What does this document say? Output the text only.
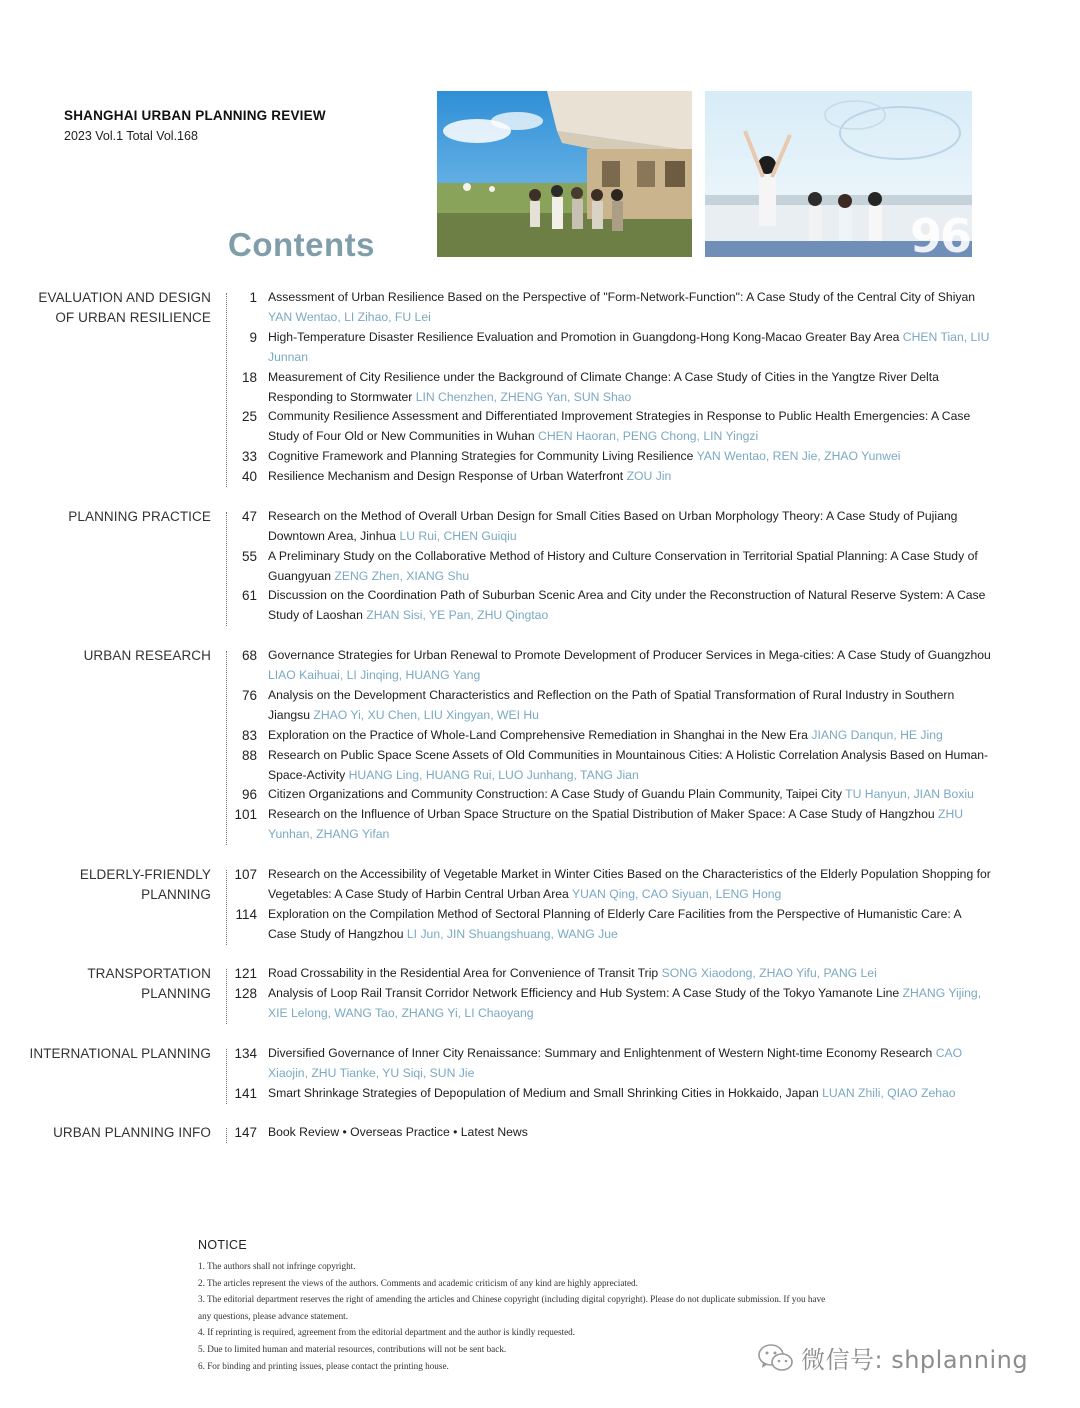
SHANGHAI URBAN PLANNING REVIEW
2023 Vol.1 Total Vol.168
96
Contents
EVALUATION AND DESIGN OF URBAN RESILIENCE
1 Assessment of Urban Resilience Based on the Perspective of "Form-Network-Function": A Case Study of the Central City of Shiyan YAN Wentao, LI Zihao, FU Lei
9 High-Temperature Disaster Resilience Evaluation and Promotion in Guangdong-Hong Kong-Macao Greater Bay Area CHEN Tian, LIU Junnan
18 Measurement of City Resilience under the Background of Climate Change: A Case Study of Cities in the Yangtze River Delta Responding to Stormwater LIN Chenzhen, ZHENG Yan, SUN Shao
25 Community Resilience Assessment and Differentiated Improvement Strategies in Response to Public Health Emergencies: A Case Study of Four Old or New Communities in Wuhan CHEN Haoran, PENG Chong, LIN Yingzi
33 Cognitive Framework and Planning Strategies for Community Living Resilience YAN Wentao, REN Jie, ZHAO Yunwei
40 Resilience Mechanism and Design Response of Urban Waterfront ZOU Jin
PLANNING PRACTICE	47 Research on the Method of Overall Urban Design for Small Cities Based on Urban Morphology Theory: A Case Study of Pujiang Downtown Area, Jinhua LU Rui, CHEN Guiqiu
55 A Preliminary Study on the Collaborative Method of History and Culture Conservation in Territorial Spatial Planning: A Case Study of Guangyuan ZENG Zhen, XIANG Shu
61 Discussion on the Coordination Path of Suburban Scenic Area and City under the Reconstruction of Natural Reserve System: A Case Study of Laoshan ZHAN Sisi, YE Pan, ZHU Qingtao
URBAN RESEARCH	68 Governance Strategies for Urban Renewal to Promote Development of Producer Services in Mega-cities: A Case Study of Guangzhou LIAO Kaihuai, LI Jinqing, HUANG Yang
76 Analysis on the Development Characteristics and Reflection on the Path of Spatial Transformation of Rural Industry in Southern Jiangsu ZHAO Yi, XU Chen, LIU Xingyan, WEI Hu
83 Exploration on the Practice of Whole-Land Comprehensive Remediation in Shanghai in the New Era JIANG Danqun, HE Jing
88 Research on Public Space Scene Assets of Old Communities in Mountainous Cities: A Holistic Correlation Analysis Based on Human-Space-Activity HUANG Ling, HUANG Rui, LUO Junhang, TANG Jian
96 Citizen Organizations and Community Construction: A Case Study of Guandu Plain Community, Taipei City TU Hanyun, JIAN Boxiu
101 Research on the Influence of Urban Space Structure on the Spatial Distribution of Maker Space: A Case Study of Hangzhou ZHU Yunhan, ZHANG Yifan
ELDERLY-FRIENDLY PLANNING
107 Research on the Accessibility of Vegetable Market in Winter Cities Based on the Characteristics of the Elderly Population Shopping for Vegetables: A Case Study of Harbin Central Urban Area YUAN Qing, CAO Siyuan, LENG Hong
114 Exploration on the Compilation Method of Sectoral Planning of Elderly Care Facilities from the Perspective of Humanistic Care: A Case Study of Hangzhou LI Jun, JIN Shuangshuang, WANG Jue
TRANSPORTATION PLANNING
121 Road Crossability in the Residential Area for Convenience of Transit Trip SONG Xiaodong, ZHAO Yifu, PANG Lei
128 Analysis of Loop Rail Transit Corridor Network Efficiency and Hub System: A Case Study of the Tokyo Yamanote Line ZHANG Yijing, XIE Lelong, WANG Tao, ZHANG Yi, LI Chaoyang
INTERNATIONAL PLANNING 134 Diversified Governance of Inner City Renaissance: Summary and Enlightenment of Western Night-time Economy Research CAO Xiaojin, ZHU Tianke, YU Siqi, SUN Jie
141 Smart Shrinkage Strategies of Depopulation of Medium and Small Shrinking Cities in Hokkaido, Japan LUAN Zhili, QIAO Zehao
URBAN PLANNING INFO 147 Book Review • Overseas Practice • Latest News
NOTICE
1. The authors shall not infringe copyright.
2. The articles represent the views of the authors. Comments and academic criticism of any kind are highly appreciated.
3. The editorial department reserves the right of amending the articles and Chinese copyright (including digital copyright). Please do not duplicate submission. If you have any questions, please advance statement.
4. If reprinting is required, agreement from the editorial department and the author is kindly requested.
5. Due to limited human and material resources, contributions will not be sent back.
6. For binding and printing issues, please contact the printing house.	微信号: shplanning
